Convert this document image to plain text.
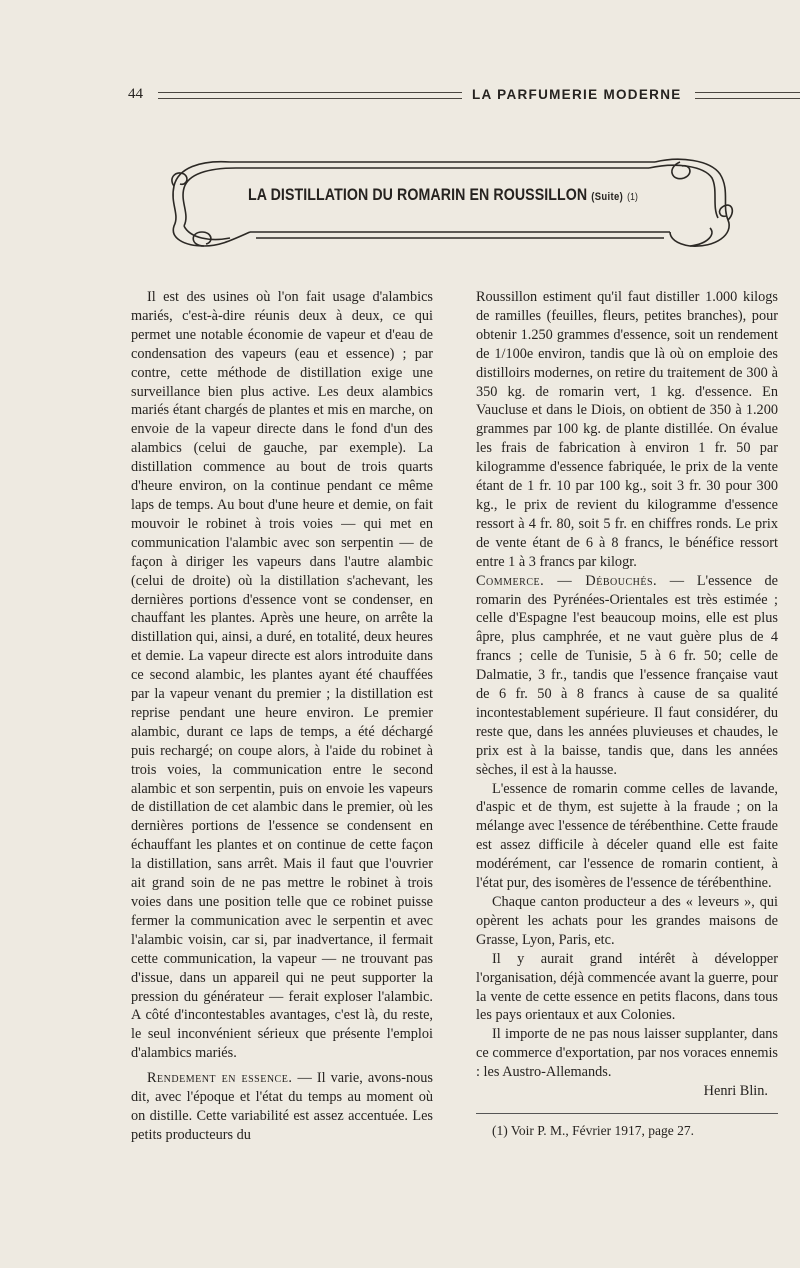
44	LA PARFUMERIE MODERNE
LA DISTILLATION DU ROMARIN EN ROUSSILLON (Suite) (1)

Il est des usines où l'on fait usage d'alambics mariés, c'est-à-dire réunis deux à deux, ce qui permet une notable économie de vapeur et d'eau de condensation des vapeurs (eau et essence) ; par contre, cette méthode de distillation exige une surveillance bien plus active. Les deux alambics mariés étant chargés de plantes et mis en marche, on envoie de la vapeur directe dans le fond d'un des alambics (celui de gauche, par exemple). La distillation commence au bout de trois quarts d'heure environ, on la continue pendant ce même laps de temps. Au bout d'une heure et demie, on fait mouvoir le robinet à trois voies — qui met en communication l'alambic avec son serpentin — de façon à diriger les vapeurs dans l'autre alambic (celui de droite) où la distillation s'achevant, les dernières portions d'essence vont se condenser, en chauffant les plantes. Après une heure, on arrête la distillation qui, ainsi, a duré, en totalité, deux heures et demie. La vapeur directe est alors introduite dans ce second alambic, les plantes ayant été chauffées par la vapeur venant du premier ; la distillation est reprise pendant une heure environ. Le premier alambic, durant ce laps de temps, a été déchargé puis rechargé; on coupe alors, à l'aide du robinet à trois voies, la communication entre le second alambic et son serpentin, puis on envoie les vapeurs de distillation de cet alambic dans le premier, où les dernières portions de l'essence se condensent en échauffant les plantes et on continue de cette façon la distillation, sans arrêt. Mais il faut que l'ouvrier ait grand soin de ne pas mettre le robinet à trois voies dans une position telle que ce robinet puisse fermer la communication avec le serpentin et avec l'alambic voisin, car si, par inadvertance, il fermait cette communication, la vapeur — ne trouvant pas d'issue, dans un appareil qui ne peut supporter la pression du générateur — ferait exploser l'alambic. A côté d'incontestables avantages, c'est là, du reste, le seul inconvénient sérieux que présente l'emploi d'alambics mariés.

Rendement en essence. — Il varie, avons-nous dit, avec l'époque et l'état du temps au moment où on distille. Cette variabilité est assez accentuée. Les petits producteurs du

Roussillon estiment qu'il faut distiller 1.000 kilogs de ramilles (feuilles, fleurs, petites branches), pour obtenir 1.250 grammes d'essence, soit un rendement de 1/100e environ, tandis que là où on emploie des distilloirs modernes, on retire du traitement de 300 à 350 kg. de romarin vert, 1 kg. d'essence. En Vaucluse et dans le Diois, on obtient de 350 à 1.200 grammes par 100 kg. de plante distillée. On évalue les frais de fabrication à environ 1 fr. 50 par kilogramme d'essence fabriquée, le prix de la vente étant de 1 fr. 10 par 100 kg., soit 3 fr. 30 pour 300 kg., le prix de revient du kilogramme d'essence ressort à 4 fr. 80, soit 5 fr. en chiffres ronds. Le prix de vente étant de 6 à 8 francs, le bénéfice ressort entre 1 à 3 francs par kilogr.

Commerce. — Débouchés. — L'essence de romarin des Pyrénées-Orientales est très estimée ; celle d'Espagne l'est beaucoup moins, elle est plus âpre, plus camphrée, et ne vaut guère plus de 4 francs ; celle de Tunisie, 5 à 6 fr. 50; celle de Dalmatie, 3 fr., tandis que l'essence française vaut de 6 fr. 50 à 8 francs à cause de sa qualité incontestablement supérieure. Il faut considérer, du reste que, dans les années pluvieuses et chaudes, le prix est à la baisse, tandis que, dans les années sèches, il est à la hausse.

L'essence de romarin comme celles de lavande, d'aspic et de thym, est sujette à la fraude ; on la mélange avec l'essence de térébenthine. Cette fraude est assez difficile à déceler quand elle est faite modérément, car l'essence de romarin contient, à l'état pur, des isomères de l'essence de térébenthine.

Chaque canton producteur a des « leveurs », qui opèrent les achats pour les grandes maisons de Grasse, Lyon, Paris, etc.

Il y aurait grand intérêt à développer l'organisation, déjà commencée avant la guerre, pour la vente de cette essence en petits flacons, dans tous les pays orientaux et aux Colonies.

Il importe de ne pas nous laisser supplanter, dans ce commerce d'exportation, par nos voraces ennemis : les Austro-Allemands.

Henri Blin.

(1) Voir P. M., Février 1917, page 27.
